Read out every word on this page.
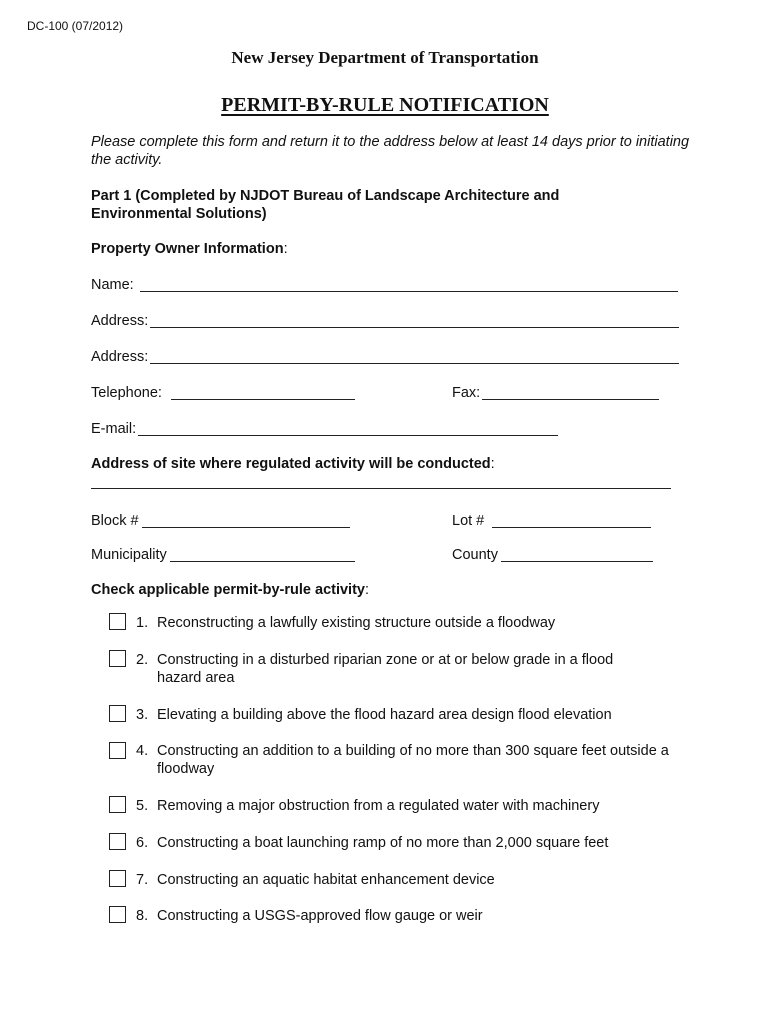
DC-100 (07/2012)
New Jersey Department of Transportation
PERMIT-BY-RULE NOTIFICATION
Please complete this form and return it to the address below at least 14 days prior to initiating the activity.
Part 1 (Completed by NJDOT Bureau of Landscape Architecture and Environmental Solutions)
Property Owner Information:
Name:
Address:
Address:
Telephone:	Fax:
E-mail:
Address of site where regulated activity will be conducted:
Block #	Lot #
Municipality	County
Check applicable permit-by-rule activity:
1. Reconstructing a lawfully existing structure outside a floodway
2. Constructing in a disturbed riparian zone or at or below grade in a flood hazard area
3. Elevating a building above the flood hazard area design flood elevation
4. Constructing an addition to a building of no more than 300 square feet outside a floodway
5. Removing a major obstruction from a regulated water with machinery
6. Constructing a boat launching ramp of no more than 2,000 square feet
7. Constructing an aquatic habitat enhancement device
8. Constructing a USGS-approved flow gauge or weir
